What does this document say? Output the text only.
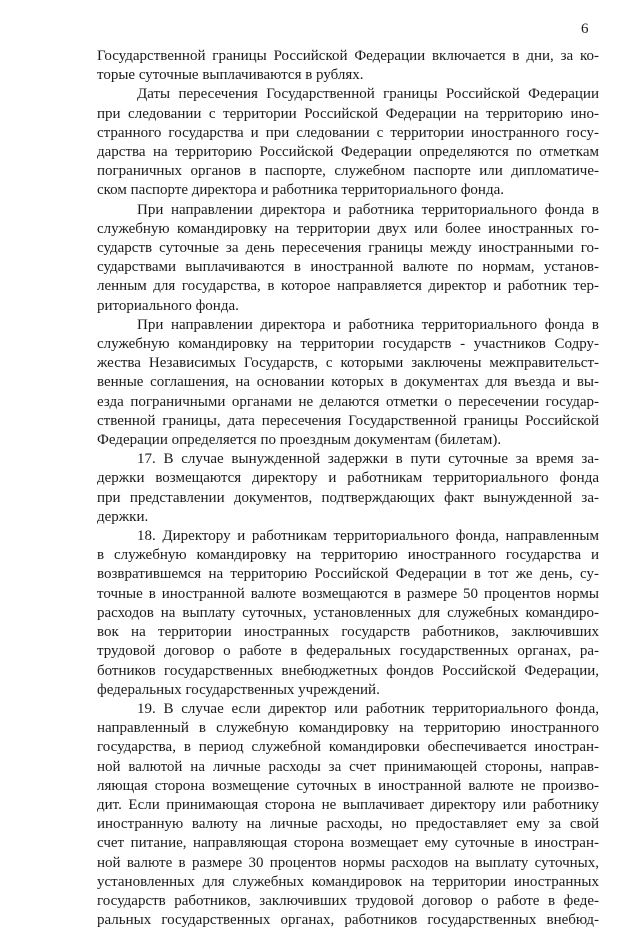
6
Государственной границы Российской Федерации включается в дни, за ко-
торые суточные выплачиваются в рублях.
Даты пересечения Государственной границы Российской Федерации
при следовании с территории Российской Федерации на территорию ино-
странного государства и при следовании с территории иностранного госу-
дарства на территорию Российской Федерации определяются по отметкам
пограничных органов в паспорте, служебном паспорте или дипломатиче-
ском паспорте директора и работника территориального фонда.
При направлении директора и работника территориального фонда в
служебную командировку на территории двух или более иностранных го-
сударств суточные за день пересечения границы между иностранными го-
сударствами выплачиваются в иностранной валюте по нормам, установ-
ленным для государства, в которое направляется директор и работник тер-
риториального фонда.
При направлении директора и работника территориального фонда в
служебную командировку на территории государств - участников Содру-
жества Независимых Государств, с которыми заключены межправительст-
венные соглашения, на основании которых в документах для въезда и вы-
езда пограничными органами не делаются отметки о пересечении государ-
ственной границы, дата пересечения Государственной границы Российской
Федерации определяется по проездным документам (билетам).
17. В случае вынужденной задержки в пути суточные за время за-
держки возмещаются директору и работникам территориального фонда
при представлении документов, подтверждающих факт вынужденной за-
держки.
18. Директору и работникам территориального фонда, направленным
в служебную командировку на территорию иностранного государства и
возвратившемся на территорию Российской Федерации в тот же день, су-
точные в иностранной валюте возмещаются в размере 50 процентов нормы
расходов на выплату суточных, установленных для служебных командиро-
вок на территории иностранных государств работников, заключивших
трудовой договор о работе в федеральных государственных органах, ра-
ботников государственных внебюджетных фондов Российской Федерации,
федеральных государственных учреждений.
19. В случае если директор или работник территориального фонда,
направленный в служебную командировку на территорию иностранного
государства, в период служебной командировки обеспечивается иностран-
ной валютой на личные расходы за счет принимающей стороны, направ-
ляющая сторона возмещение суточных в иностранной валюте не произво-
дит. Если принимающая сторона не выплачивает директору или работнику
иностранную валюту на личные расходы, но предоставляет ему за свой
счет питание, направляющая сторона возмещает ему суточные в иностран-
ной валюте в размере 30 процентов нормы расходов на выплату суточных,
установленных для служебных командировок на территории иностранных
государств работников, заключивших трудовой договор о работе в феде-
ральных государственных органах, работников государственных внебюд-
